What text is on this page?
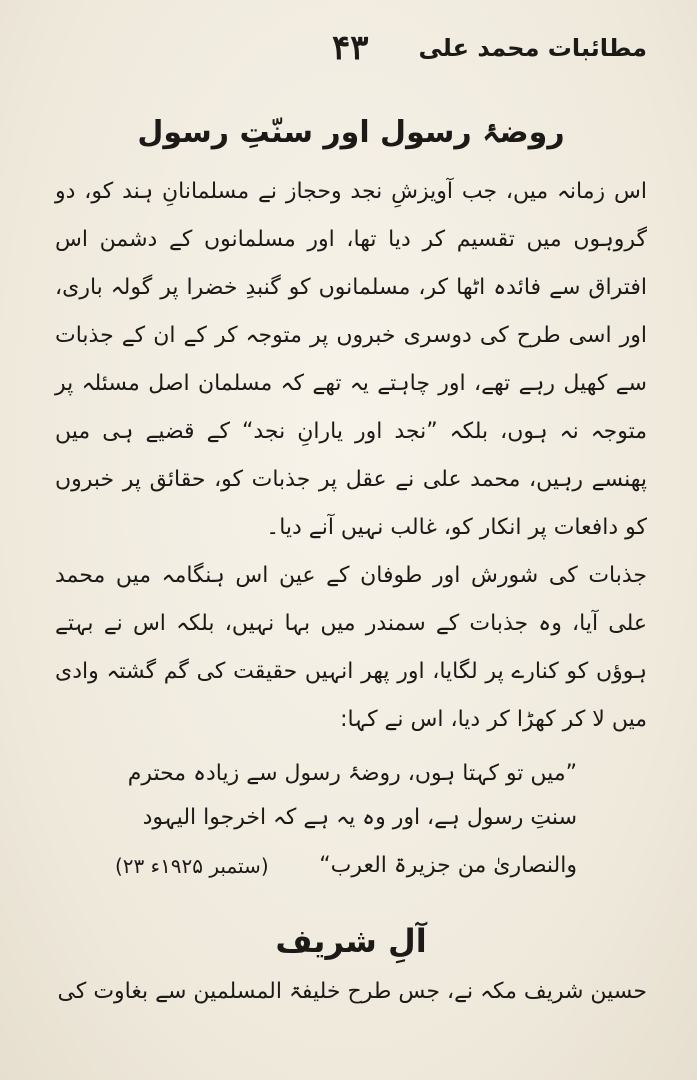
مطائبات محمد علی
۴۳
روضۂ رسول اور سنّتِ رسول

اس زمانہ میں، جب آویزشِ نجد وحجاز نے مسلمانانِ ہند کو، دو گروہوں میں تقسیم کر دیا تھا، اور مسلمانوں کے دشمن اس افتراق سے فائدہ اٹھا کر، مسلمانوں کو گنبدِ خضرا پر گولہ باری، اور اسی طرح کی دوسری خبروں پر متوجہ کر کے ان کے جذبات سے کھیل رہے تھے، اور چاہتے یہ تھے کہ مسلمان اصل مسئلہ پر متوجہ نہ ہوں، بلکہ ”نجد اور یارانِ نجد“ کے قضیے ہی میں پھنسے رہیں، محمد علی نے عقل پر جذبات کو، حقائق پر خبروں کو دافعات پر انکار کو، غالب نہیں آنے دیا۔

جذبات کی شورش اور طوفان کے عین اس ہنگامہ میں محمد علی آیا، وہ جذبات کے سمندر میں بہا نہیں، بلکہ اس نے بہتے ہوؤں کو کنارے پر لگایا، اور پھر انہیں حقیقت کی گم گشتہ وادی میں لا کر کھڑا کر دیا، اس نے کہا:

”میں تو کہتا ہوں، روضۂ رسول سے زیادہ محترم
سنتِ رسول ہے، اور وہ یہ ہے کہ اخرجوا الیہود
والنصاریٰ من جزیرۃ العرب“
(۲۳ ستمبر ۱۹۲۵ء)
آلِ شریف

حسین شریف مکہ نے، جس طرح خلیفۃ المسلمین سے بغاوت کی
